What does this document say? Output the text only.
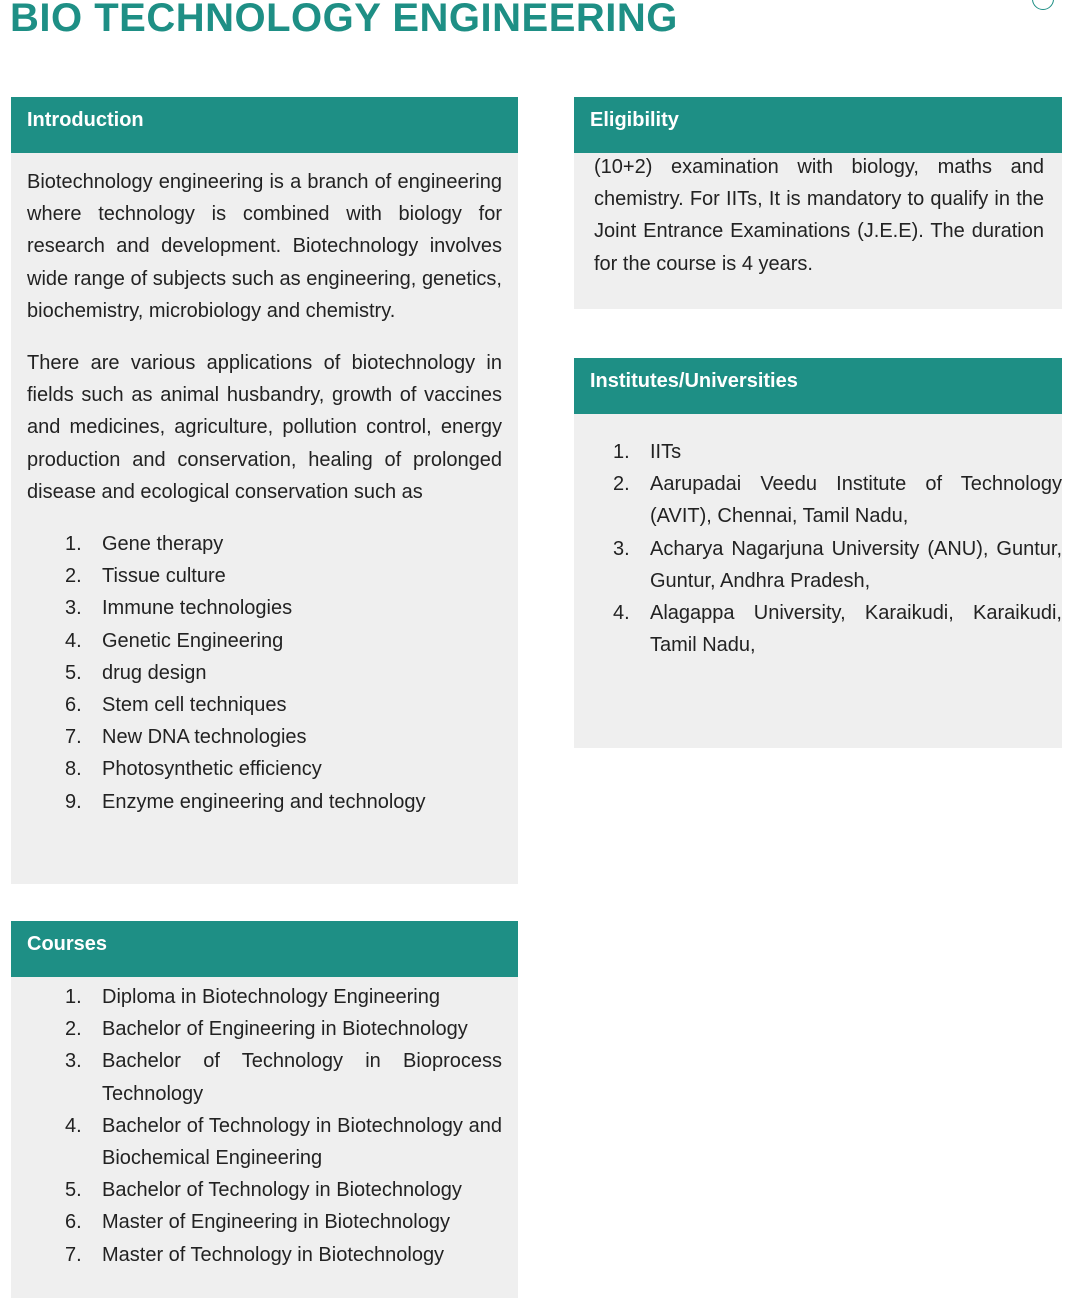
BIO TECHNOLOGY ENGINEERING
Introduction

Biotechnology engineering is a branch of engineering where technology is combined with biology for research and development. Biotechnology involves wide range of subjects such as engineering, genetics, biochemistry, microbiology and chemistry.

There are various applications of biotechnology in fields such as animal husbandry, growth of vaccines and medicines, agriculture, pollution control, energy production and conservation, healing of prolonged disease and ecological conservation such as

1.	Gene therapy
2.	Tissue culture
3.	Immune technologies
4.	Genetic Engineering
5.	drug design
6.	Stem cell techniques
7.	New DNA technologies
8.	Photosynthetic efficiency
9.	Enzyme engineering and technology
Eligibility

(10+2) examination with biology, maths and chemistry. For IITs, It is mandatory to qualify in the Joint Entrance Examinations (J.E.E). The duration for the course is 4 years.

Institutes/Universities
1.	IITs
2.	Aarupadai Veedu Institute of Technology (AVIT), Chennai, Tamil Nadu,
3.	Acharya Nagarjuna University (ANU), Guntur, Guntur, Andhra Pradesh,
4.	Alagappa University, Karaikudi, Karaikudi, Tamil Nadu,
Courses
1.	Diploma in Biotechnology Engineering
2.	Bachelor of Engineering in Biotechnology
3.	Bachelor of Technology in Bioprocess Technology
4.	Bachelor of Technology in Biotechnology and Biochemical Engineering
5.	Bachelor of Technology in Biotechnology
6.	Master of Engineering in Biotechnology
7.	Master of Technology in Biotechnology
